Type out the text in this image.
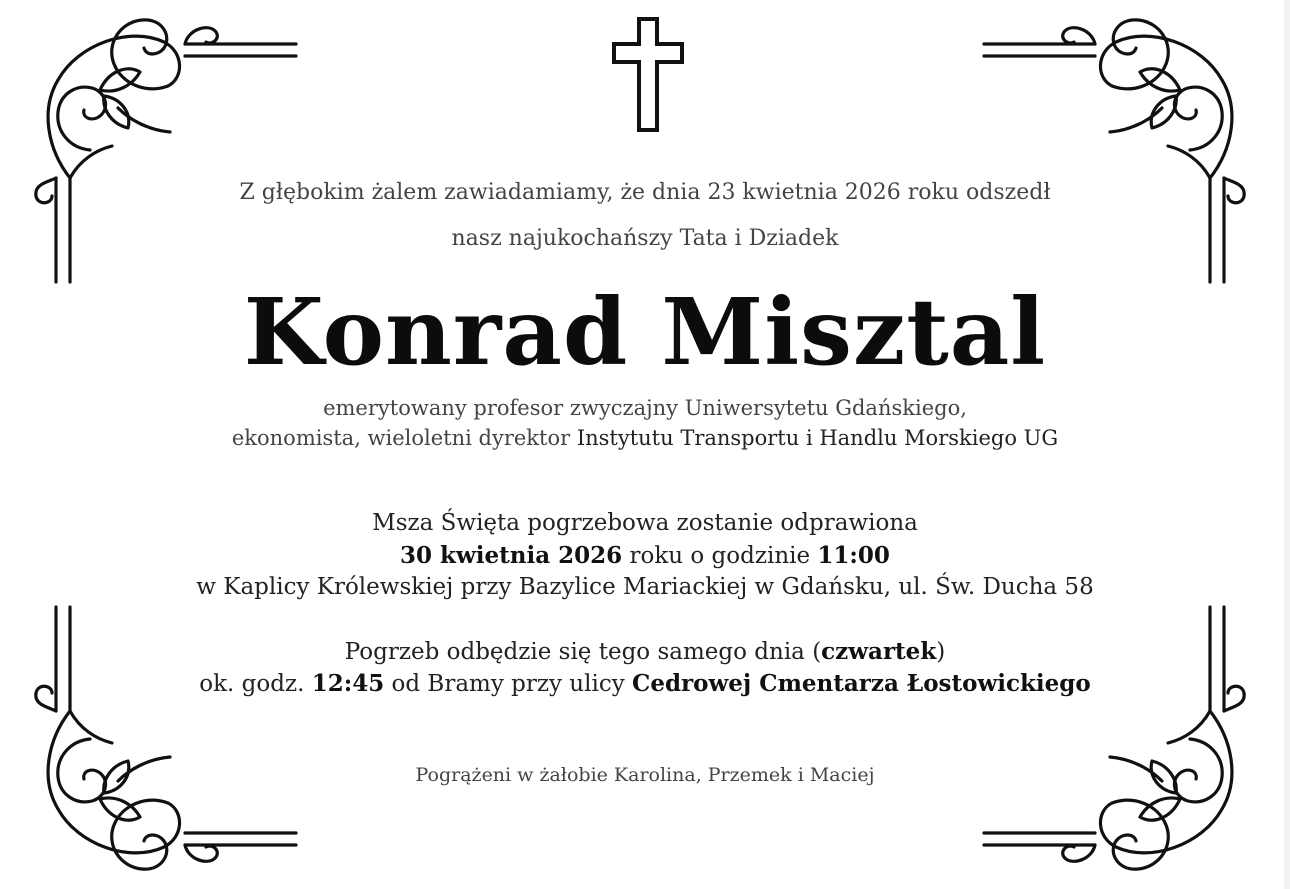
Z głębokim żalem zawiadamiamy, że dnia 23 kwietnia 2026 roku odszedł
nasz najukochańszy Tata i Dziadek
Konrad Misztal
emerytowany profesor zwyczajny Uniwersytetu Gdańskiego,
ekonomista, wieloletni dyrektor Instytutu Transportu i Handlu Morskiego UG
Msza Święta pogrzebowa zostanie odprawiona
30 kwietnia 2026 roku o godzinie 11:00
w Kaplicy Królewskiej przy Bazylice Mariackiej w Gdańsku, ul. Św. Ducha 58
Pogrzeb odbędzie się tego samego dnia (czwartek)
ok. godz. 12:45 od Bramy przy ulicy Cedrowej Cmentarza Łostowickiego
Pogrążeni w żałobie Karolina, Przemek i Maciej
